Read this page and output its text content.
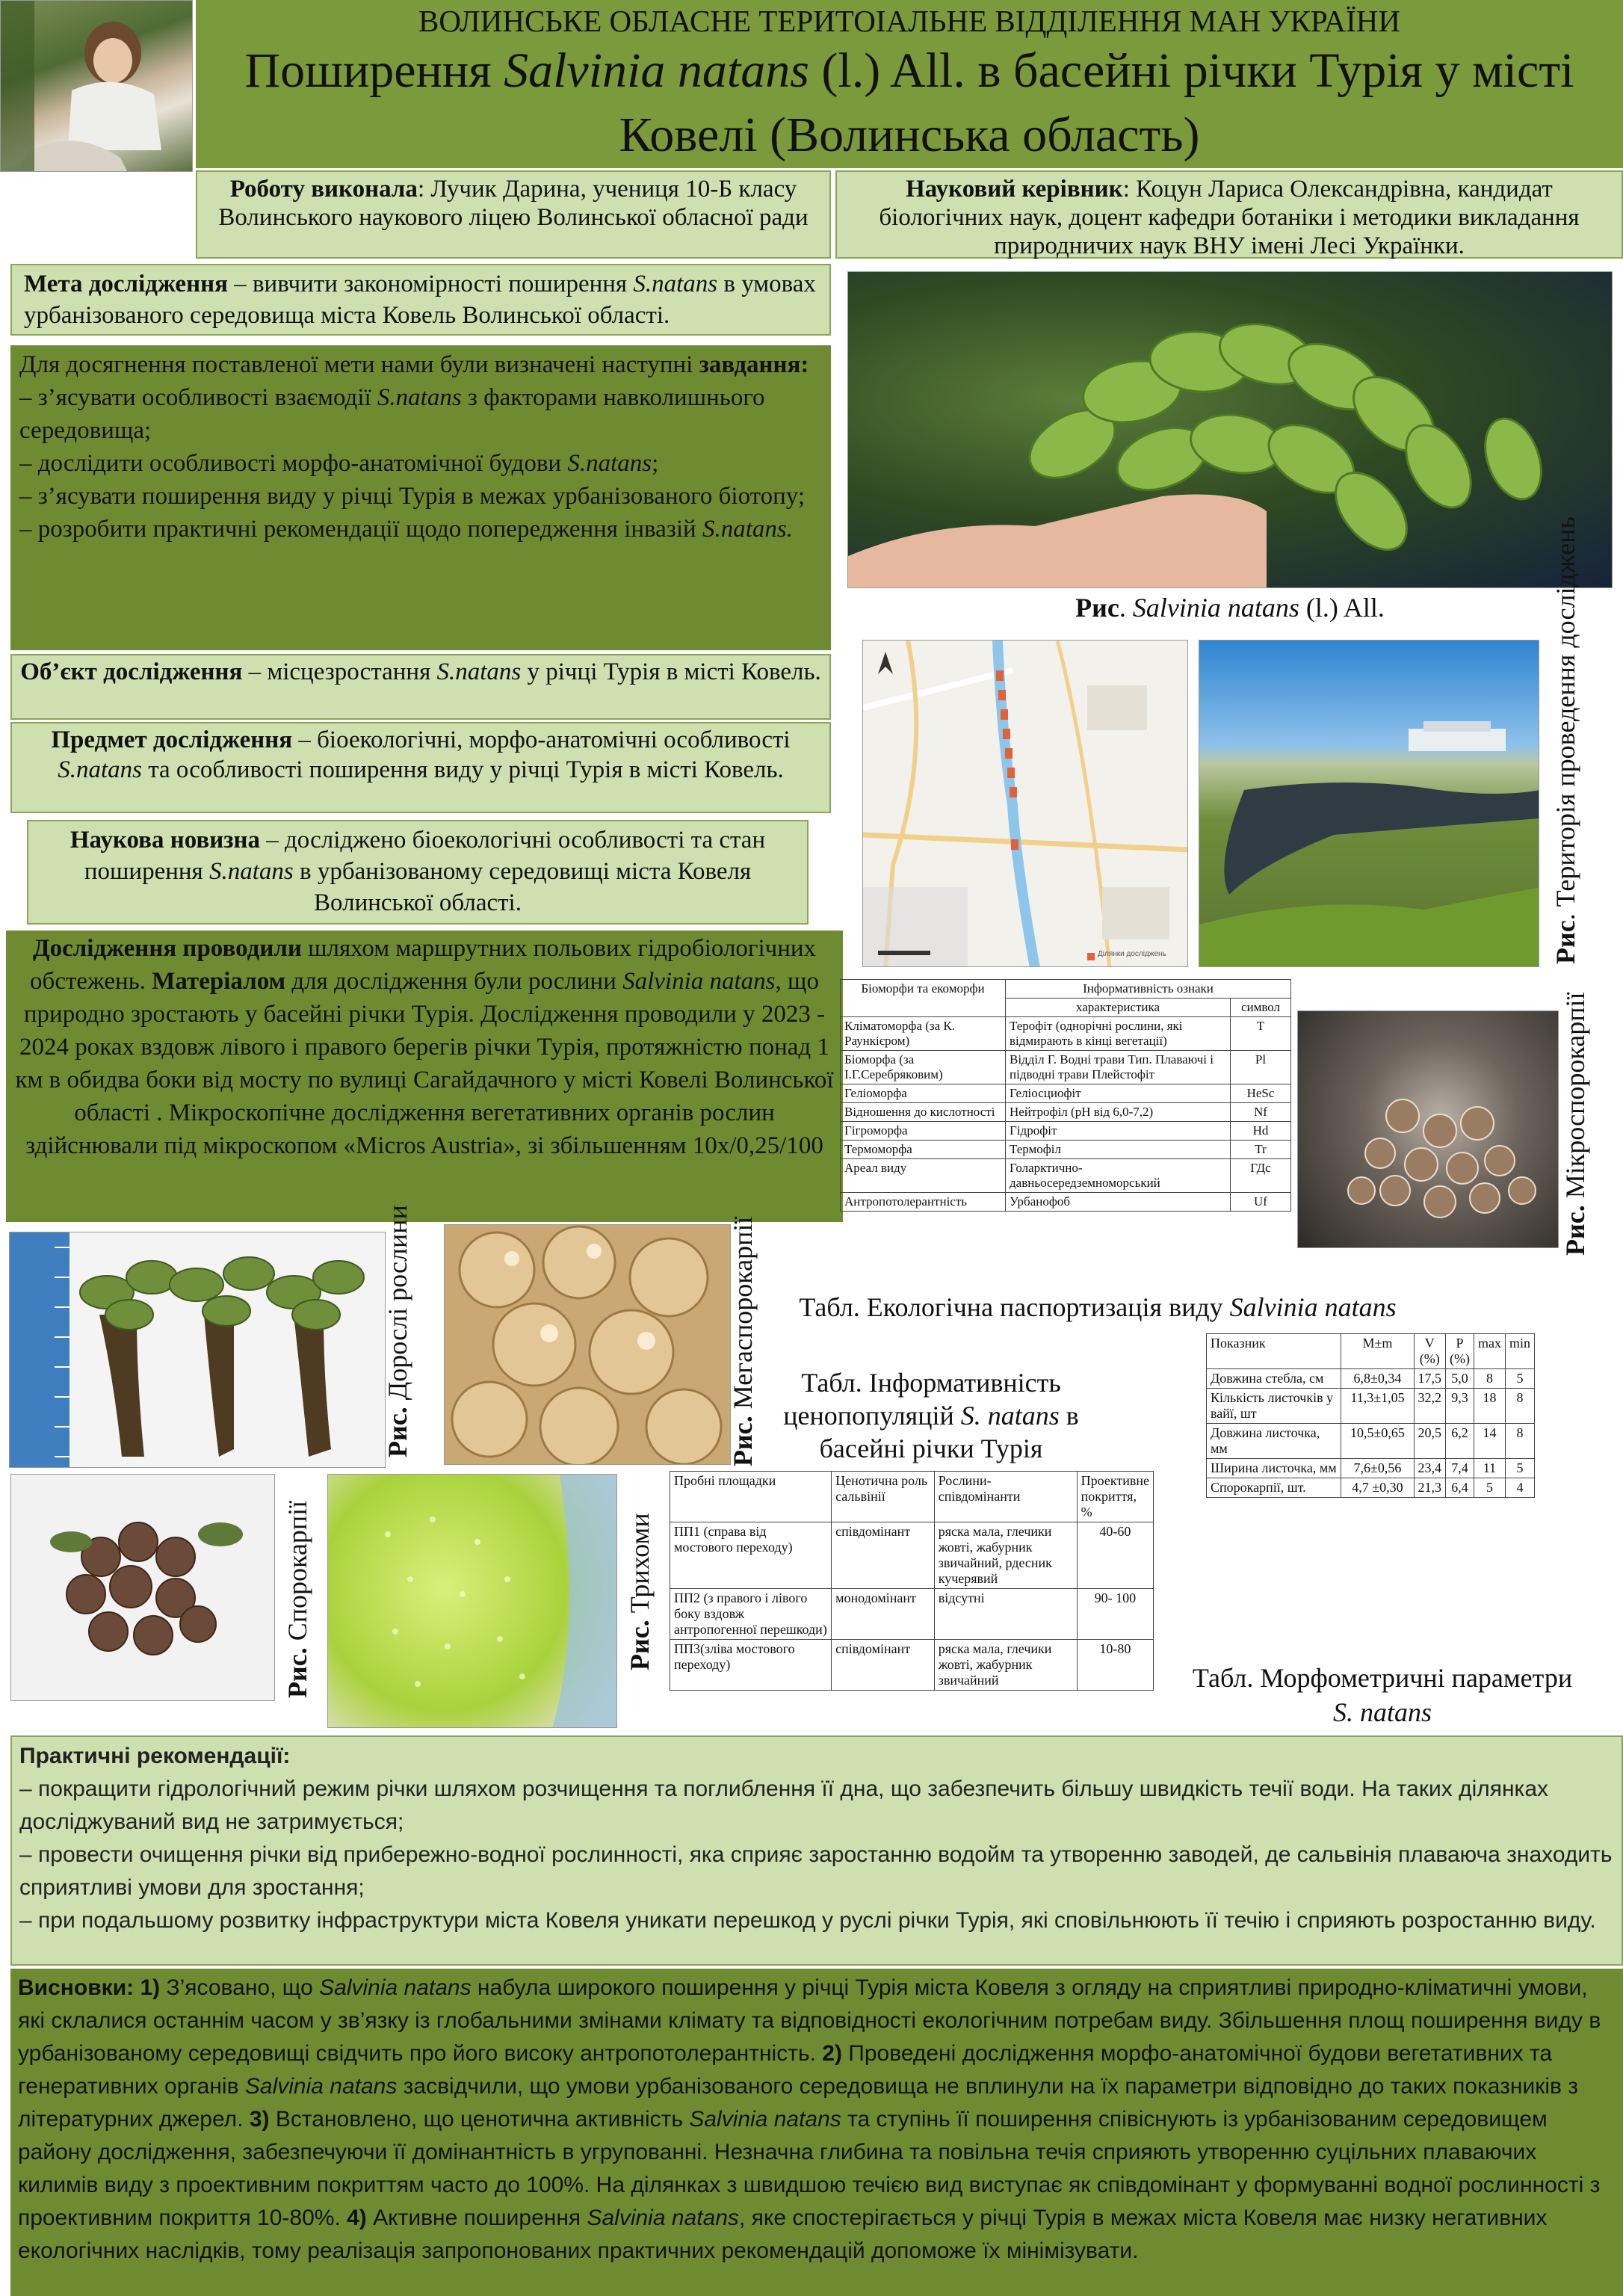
ВОЛИНСЬКЕ ОБЛАСНЕ ТЕРИТОІАЛЬНЕ ВІДДІЛЕННЯ МАН УКРАЇНИ

Поширення Salvinia natans (l.) All. в басейні річки Турія у місті Ковелі (Волинська область)

Роботу виконала: Лучик Дарина, учениця 10-Б класу Волинського наукового ліцею Волинської обласної ради
Науковий керівник: Коцун Лариса Олександрівна, кандидат біологічних наук, доцент кафедри ботаніки і методики викладання природничих наук ВНУ імені Лесі Українки.
Мета дослідження – вивчити закономірності поширення S.natans в умовах урбанізованого середовища міста Ковель Волинської області.

Для досягнення поставленої мети нами були визначені наступні завдання:

– з’ясувати особливості взаємодії S.natans з факторами навколишнього середовища;

– дослідити особливості морфо-анатомічної будови S.natans;

– з’ясувати поширення виду у річці Турія в межах урбанізованого біотопу;

– розробити практичні рекомендації щодо попередження інвазій S.natans.

Об’єкт дослідження – місцезростання S.natans у річці Турія в місті Ковель.
Предмет дослідження – біоекологічні, морфо-анатомічні особливості S.natans та особливості поширення виду у річці Турія в місті Ковель.
Наукова новизна – досліджено біоекологічні особливості та стан поширення S.natans в урбанізованому середовищі міста Ковеля Волинської області.
Дослідження проводили шляхом маршрутних польових гідробіологічних обстежень. Матеріалом для дослідження були рослини Salvinia natans, що природно зростають у басейні річки Турія. Дослідження проводили у 2023 - 2024 роках вздовж лівого і правого берегів річки Турія, протяжністю понад 1 км в обидва боки від мосту по вулиці Сагайдачного у місті Ковелі Волинської області . Мікроскопічне дослідження вегетативних органів рослин здійснювали під мікроскопом «Micros Austria», зі збільшенням 10х/0,25/100
Рис. Salvinia natans (l.) All.
Ділянки досліджень	Рис. Територія проведення досліджень
Біоморфи та екоморфи	Інформативність ознаки	
	характеристика	символ
Кліматоморфа (за К. Раункієром)	Терофіт (однорічні рослини, які відмирають в кінці вегетації)	T
Біоморфа (за І.Г.Серебряковим)	Відділ Г. Водні трави Тип. Плаваючі і підводні трави Плейстофіт	Pl
Геліоморфа	Геліосциофіт	HeSc
Відношення до кислотності	Нейтрофіл (рН від 6,0-7,2)	Nf
Гігроморфа	Гідрофіт	Hd
Термоморфа	Термофіл	Tr
Ареал виду	Голарктично-давньосередземноморський	ГДс
Антропотолерантність	Урбанофоб	Uf
Табл. Екологічна паспортизація виду Salvinia natans
Рис. Мікроспорокарпії
Рис. Дорослі рослини
Рис. Мегаспорокарпії
Рис. Спорокарпії	Рис. Трихоми
Табл. Інформативність ценопопуляцій S. natans в басейні річки Турія
Пробні площадки	Ценотична роль сальвінії	Рослини-співдомінанти	Проективне покриття, %
ПП1 (справа від мостового переходу)	співдомінант	ряска мала, глечики жовті, жабурник звичайний, рдесник кучерявий	40-60
ПП2 (з правого і лівого боку вздовж антропогенної перешкоди)	монодомінант	відсутні	90- 100
ПП3(зліва мостового переходу)	співдомінант	ряска мала, глечики жовті, жабурник звичайний	10-80
Показник	M±m	V (%)	P (%)	max	min
Довжина стебла, см	6,8±0,34	17,5	5,0	8	5
Кількість листочків у вайї, шт	11,3±1,05	32,2	9,3	18	8
Довжина листочка, мм	10,5±0,65	20,5	6,2	14	8
Ширина листочка, мм	7,6±0,56	23,4	7,4	11	5
Спорокарпії, шт.	4,7 ±0,30	21,3	6,4	5	4
Табл. Морфометричні параметри
S. natans

Практичні рекомендації:

– покращити гідрологічний режим річки шляхом розчищення та поглиблення її дна, що забезпечить більшу швидкість течії води. На таких ділянках досліджуваний вид не затримується;

– провести очищення річки від прибережно-водної рослинності, яка сприяє заростанню водойм та утворенню заводей, де сальвінія плаваюча знаходить сприятливі умови для зростання;

– при подальшому розвитку інфраструктури міста Ковеля уникати перешкод у руслі річки Турія, які сповільнюють її течію і сприяють розростанню виду.

Висновки: 1) З’ясовано, що Salvinia natans набула широкого поширення у річці Турія міста Ковеля з огляду на сприятливі природно-кліматичні умови, які склалися останнім часом у зв’язку із глобальними змінами клімату та відповідності екологічним потребам виду. Збільшення площ поширення виду в урбанізованому середовищі свідчить про його високу антропотолерантність. 2) Проведені дослідження морфо-анатомічної будови вегетативних та генеративних органів Salvinia natans засвідчили, що умови урбанізованого середовища не вплинули на їх параметри відповідно до таких показників з літературних джерел. 3) Встановлено, що ценотична активність Salvinia natans та ступінь її поширення співіснують із урбанізованим середовищем району дослідження, забезпечуючи її домінантність в угрупованні. Незначна глибина та повільна течія сприяють утворенню суцільних плаваючих килимів виду з проективним покриттям часто до 100%. На ділянках з швидшою течією вид виступає як співдомінант у формуванні водної рослинності з проективним покриття 10-80%. 4) Активне поширення Salvinia natans, яке спостерігається у річці Турія в межах міста Ковеля має низку негативних екологічних наслідків, тому реалізація запропонованих практичних рекомендацій допоможе їх мінімізувати.
